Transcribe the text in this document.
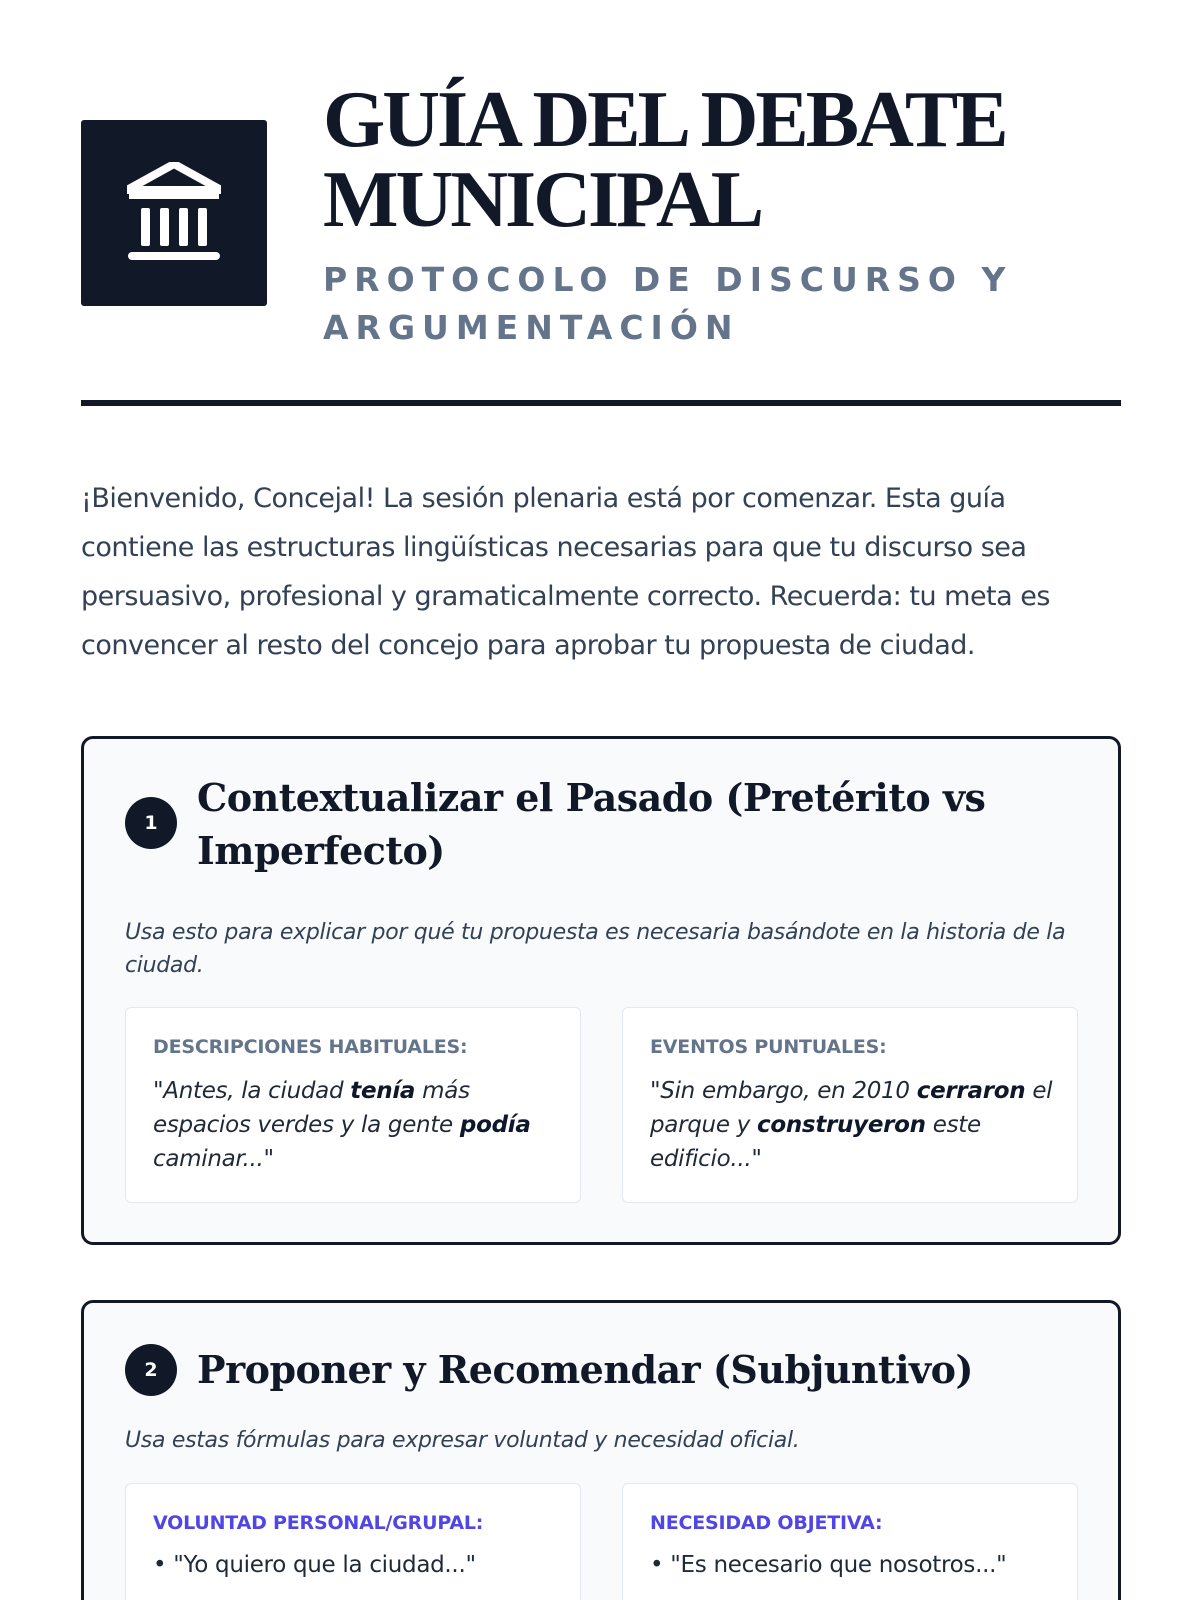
GUÍA DEL DEBATE
MUNICIPAL
PROTOCOLO DE DISCURSO Y
ARGUMENTACIÓN

¡Bienvenido, Concejal! La sesión plenaria está por comenzar. Esta guía contiene las estructuras lingüísticas necesarias para que tu discurso sea persuasivo, profesional y gramaticalmente correcto. Recuerda: tu meta es convencer al resto del concejo para aprobar tu propuesta de ciudad.

1
Contextualizar el Pasado (Pretérito vs
Imperfecto)

Usa esto para explicar por qué tu propuesta es necesaria basándote en la historia de la ciudad.

DESCRIPCIONES HABITUALES:

"Antes, la ciudad tenía más espacios verdes y la gente podía caminar..."

EVENTOS PUNTUALES:

"Sin embargo, en 2010 cerraron el parque y construyeron este edificio..."

2	Proponer y Recomendar (Subjuntivo)

Usa estas fórmulas para expresar voluntad y necesidad oficial.

VOLUNTAD PERSONAL/GRUPAL:
• "Yo quiero que la ciudad..."
NECESIDAD OBJETIVA:
• "Es necesario que nosotros..."
